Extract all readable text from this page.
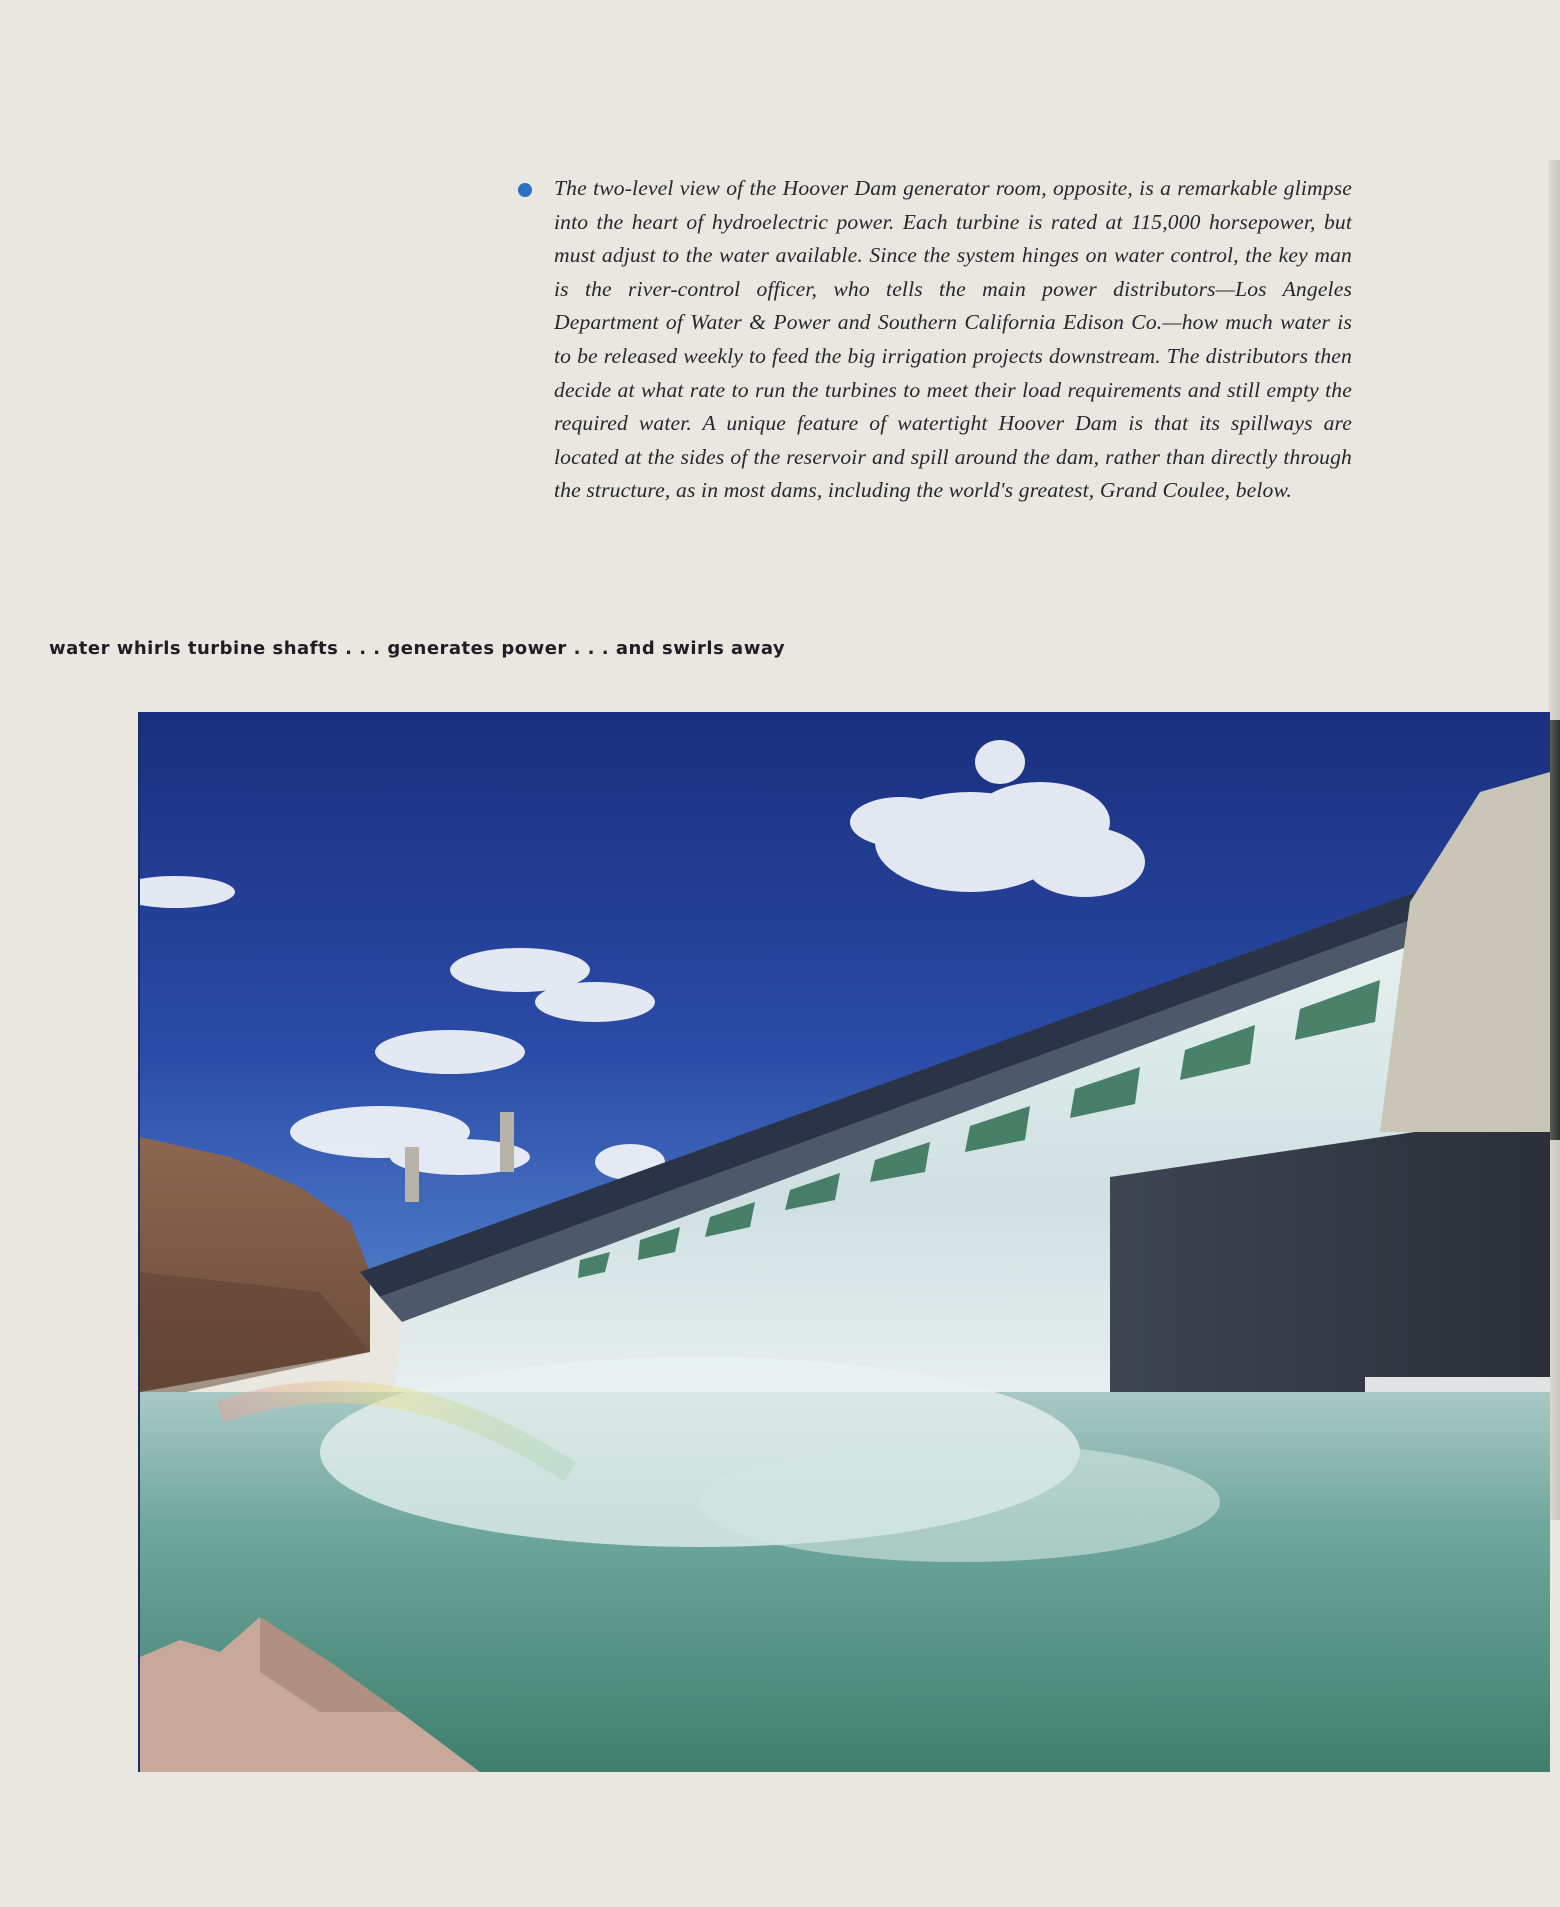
The two-level view of the Hoover Dam generator room, opposite, is a remarkable glimpse into the heart of hydroelectric power. Each turbine is rated at 115,000 horsepower, but must adjust to the water available. Since the system hinges on water control, the key man is the river-control officer, who tells the main power distributors—Los Angeles Department of Water & Power and Southern California Edison Co.—how much water is to be released weekly to feed the big irrigation projects downstream. The distributors then decide at what rate to run the turbines to meet their load requirements and still empty the required water. A unique feature of watertight Hoover Dam is that its spillways are located at the sides of the reservoir and spill around the dam, rather than directly through the structure, as in most dams, including the world's greatest, Grand Coulee, below.

water whirls turbine shafts . . . generates power . . . and swirls away
